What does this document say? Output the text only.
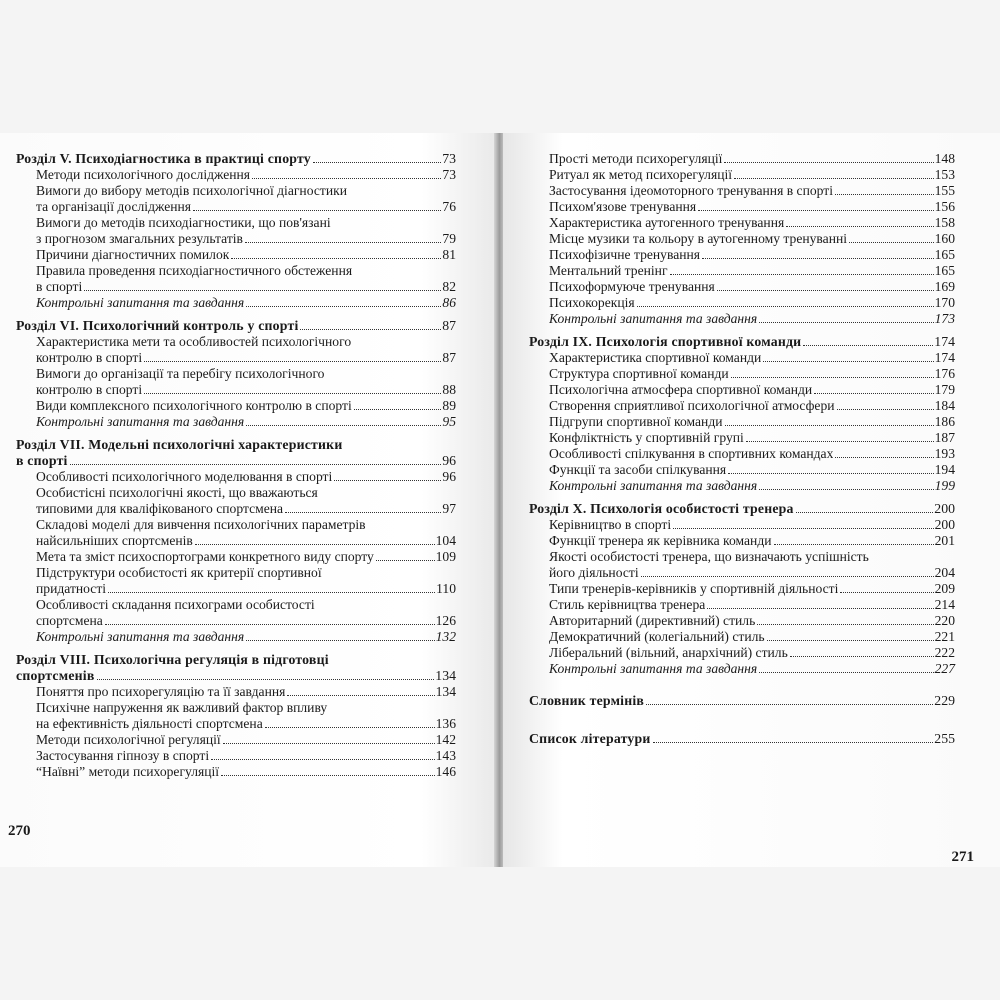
Розділ V. Психодіагностика в практиці спорту	73
Методи психологічного дослідження	73
Вимоги до вибору методів психологічної діагностики
та організації дослідження	76
Вимоги до методів психодіагностики, що пов'язані
з прогнозом змагальних результатів	79
Причини діагностичних помилок	81
Правила проведення психодіагностичного обстеження
в спорті	82
Контрольні запитання та завдання	86
Розділ VI. Психологічний контроль у спорті	87
Характеристика мети та особливостей психологічного
контролю в спорті	87
Вимоги до організації та перебігу психологічного
контролю в спорті	88
Види комплексного психологічного контролю в спорті	89
Контрольні запитання та завдання	95
Розділ VII. Модельні психологічні характеристики
в спорті	96
Особливості психологічного моделювання в спорті	96
Особистісні психологічні якості, що вважаються
типовими для кваліфікованого спортсмена	97
Складові моделі для вивчення психологічних параметрів
найсильніших спортсменів	104
Мета та зміст психоспортограми конкретного виду спорту	109
Підструктури особистості як критерії спортивної
придатності	110
Особливості складання психограми особистості
спортсмена	126
Контрольні запитання та завдання	132
Розділ VIII. Психологічна регуляція в підготовці
спортсменів	134
Поняття про психорегуляцію та її завдання	134
Психічне напруження як важливий фактор впливу
на ефективність діяльності спортсмена	136
Методи психологічної регуляції	142
Застосування гіпнозу в спорті	143
“Наївні” методи психорегуляції	146
270
Прості методи психорегуляції	148
Ритуал як метод психорегуляції	153
Застосування ідеомоторного тренування в спорті	155
Психом'язове тренування	156
Характеристика аутогенного тренування	158
Місце музики та кольору в аутогенному тренуванні	160
Психофізичне тренування	165
Ментальний тренінг	165
Психоформуюче тренування	169
Психокорекція	170
Контрольні запитання та завдання	173
Розділ IX. Психологія спортивної команди	174
Характеристика спортивної команди	174
Структура спортивної команди	176
Психологічна атмосфера спортивної команди	179
Створення сприятливої психологічної атмосфери	184
Підгрупи спортивної команди	186
Конфліктність у спортивній групі	187
Особливості спілкування в спортивних командах	193
Функції та засоби спілкування	194
Контрольні запитання та завдання	199
Розділ X. Психологія особистості тренера	200
Керівництво в спорті	200
Функції тренера як керівника команди	201
Якості особистості тренера, що визначають успішність
його діяльності	204
Типи тренерів-керівників у спортивній діяльності	209
Стиль керівництва тренера	214
Авторитарний (директивний) стиль	220
Демократичний (колегіальний) стиль	221
Ліберальний (вільний, анархічний) стиль	222
Контрольні запитання та завдання	227
Словник термінів	229
Список літератури	255
271
